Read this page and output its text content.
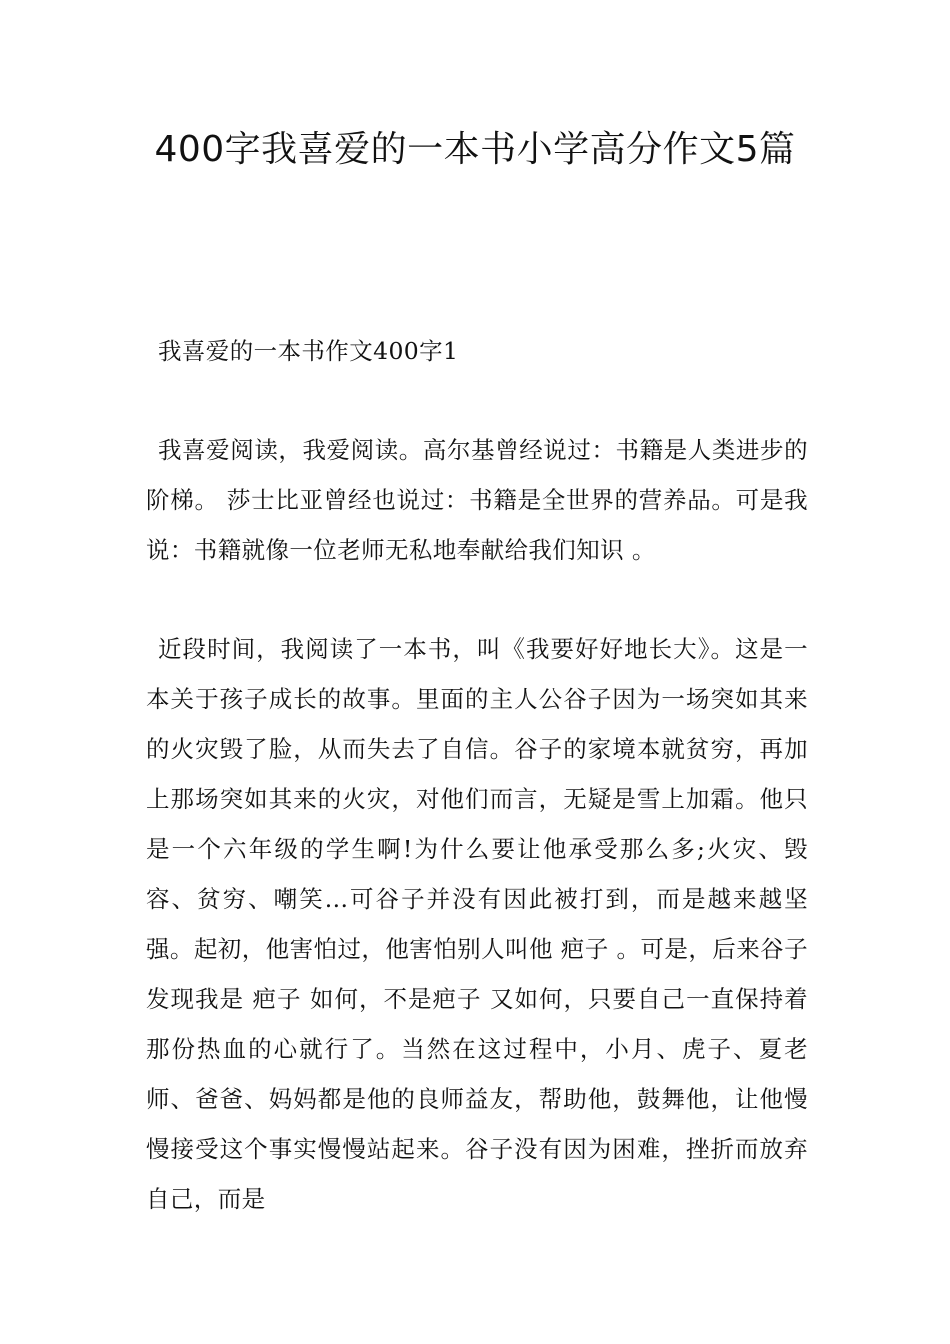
400字我喜爱的一本书小学高分作文5篇
我喜爱的一本书作文400字1
我喜爱阅读，我爱阅读。高尔基曾经说过：书籍是人类进步的阶梯。 莎士比亚曾经也说过：书籍是全世界的营养品。可是我说：书籍就像一位老师无私地奉献给我们知识 。
近段时间，我阅读了一本书，叫《我要好好地长大》。这是一本关于孩子成长的故事。里面的主人公谷子因为一场突如其来的火灾毁了脸，从而失去了自信。谷子的家境本就贫穷，再加上那场突如其来的火灾，对他们而言，无疑是雪上加霜。他只是一个六年级的学生啊!为什么要让他承受那么多;火灾、毁容、贫穷、嘲笑...可谷子并没有因此被打到，而是越来越坚强。起初，他害怕过，他害怕别人叫他 疤子 。可是，后来谷子发现我是 疤子 如何，不是疤子 又如何，只要自己一直保持着那份热血的心就行了。当然在这过程中，小月、虎子、夏老师、爸爸、妈妈都是他的良师益友，帮助他，鼓舞他，让他慢慢接受这个事实慢慢站起来。谷子没有因为困难，挫折而放弃自己，而是
